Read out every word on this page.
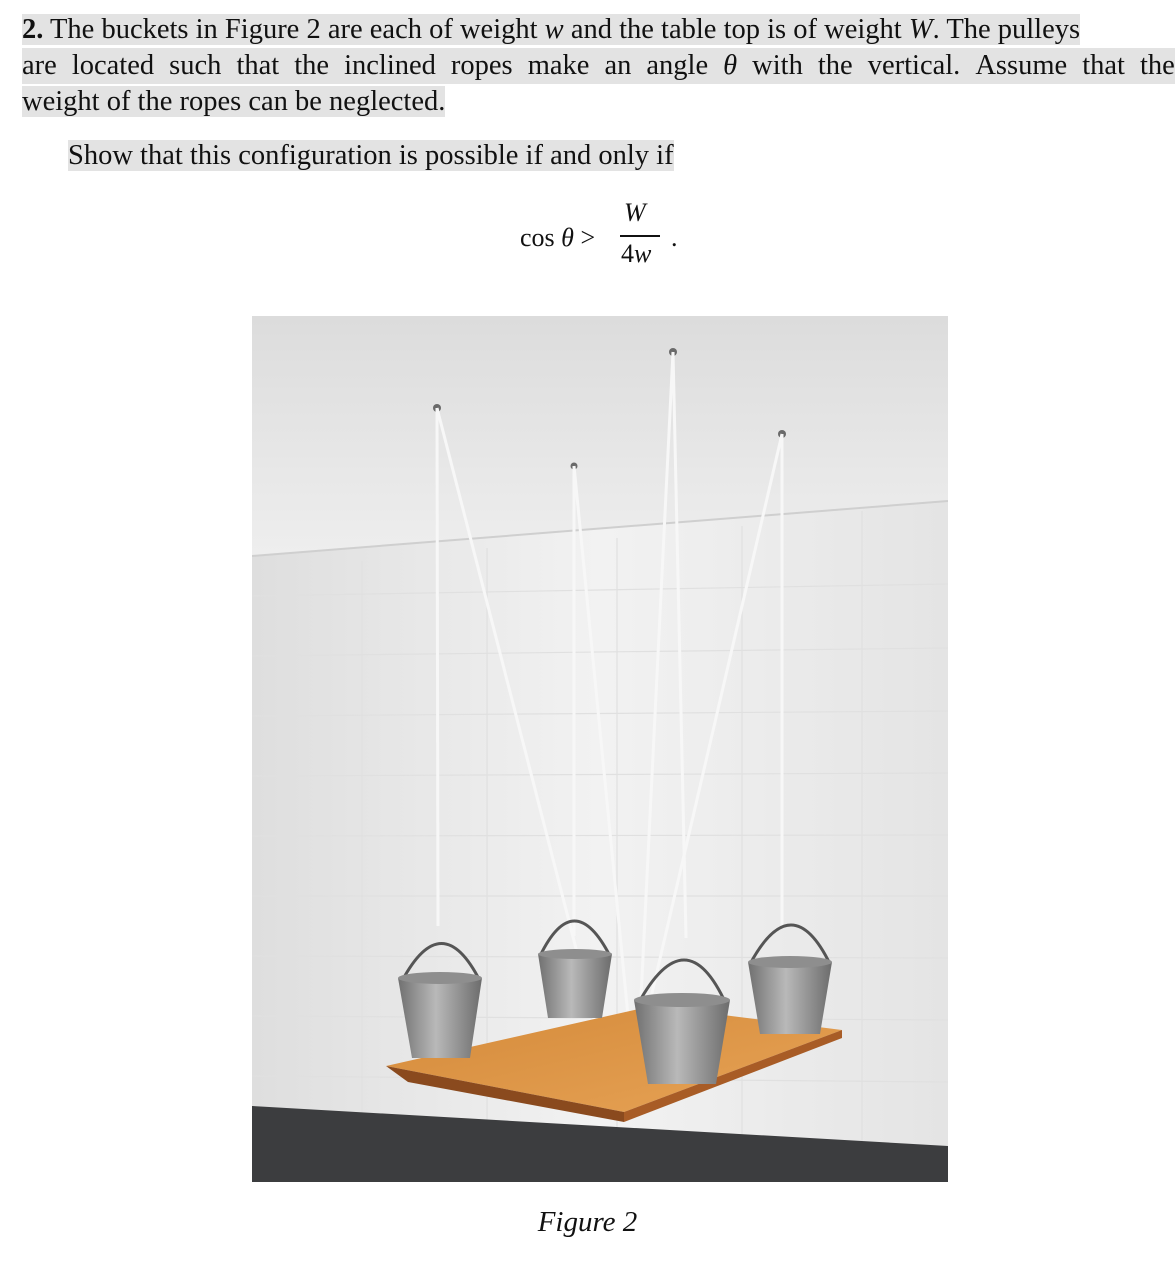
2. The buckets in Figure 2 are each of weight w and the table top is of weight W. The pulleys
are located such that the inclined ropes make an angle θ with the vertical. Assume that the
weight of the ropes can be neglected.
Show that this configuration is possible if and only if
cos θ >
W
4w
.
Figure 2
